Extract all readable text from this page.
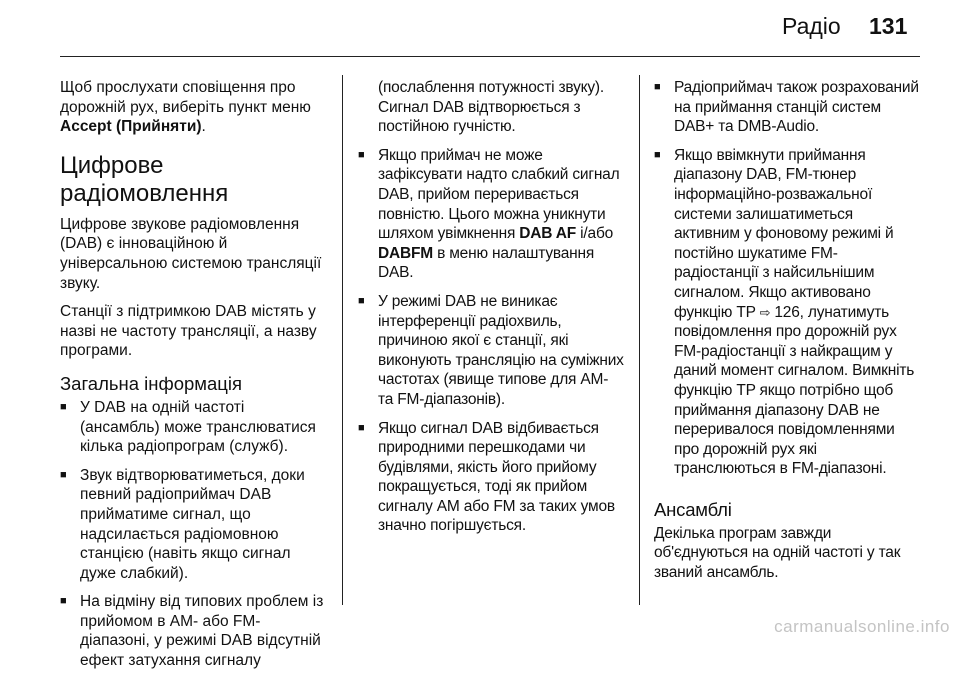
Радіо 131

Щоб прослухати сповіщення про дорожній рух, виберіть пункт меню Accept (Прийняти).

Цифрове радіомовлення

Цифрове звукове радіомовлення (DAB) є інноваційною й універсальною системою трансляції звуку.

Станції з підтримкою DAB містять у назві не частоту трансляції, а назву програми.

Загальна інформація
■ У DAB на одній частоті (ансамбль) може транслюватися кілька радіопрограм (служб).
■ Звук відтворюватиметься, доки певний радіоприймач DAB прийматиме сигнал, що надсилається радіомовною станцією (навіть якщо сигнал дуже слабкий).
■ На відміну від типових проблем із прийомом в AM- або FM-діапазоні, у режимі DAB відсутній ефект затухання сигналу

(послаблення потужності звуку). Сигнал DAB відтворюється з постійною гучністю.

■ Якщо приймач не може зафіксувати надто слабкий сигнал DAB, прийом переривається повністю. Цього можна уникнути шляхом увімкнення DAB AF і/або DABFM в меню налаштування DAB.
■ У режимі DAB не виникає інтерференції радіохвиль, причиною якої є станції, які виконують трансляцію на суміжних частотах (явище типове для AM- та FM-діапазонів).
■ Якщо сигнал DAB відбивається природними перешкодами чи будівлями, якість його прийому покращується, тоді як прийом сигналу AM або FM за таких умов значно погіршується.
■ Радіоприймач також розрахований на приймання станцій систем DAB+ та DMB-Audio.
■ Якщо ввімкнути приймання діапазону DAB, FM-тюнер інформаційно-розважальної системи залишатиметься активним у фоновому режимі й постійно шукатиме FM-радіостанції з найсильнішим сигналом. Якщо активовано функцію TP ⇨ 126, лунатимуть повідомлення про дорожній рух FM-радіостанції з найкращим у даний момент сигналом. Вимкніть функцію TP якщо потрібно щоб приймання діапазону DAB не переривалося повідомленнями про дорожній рух які транслюються в FM-діапазоні.
Ансамблі

Декілька програм завжди об'єднуються на одній частоті у так званий ансамбль.

carmanualsonline.info
